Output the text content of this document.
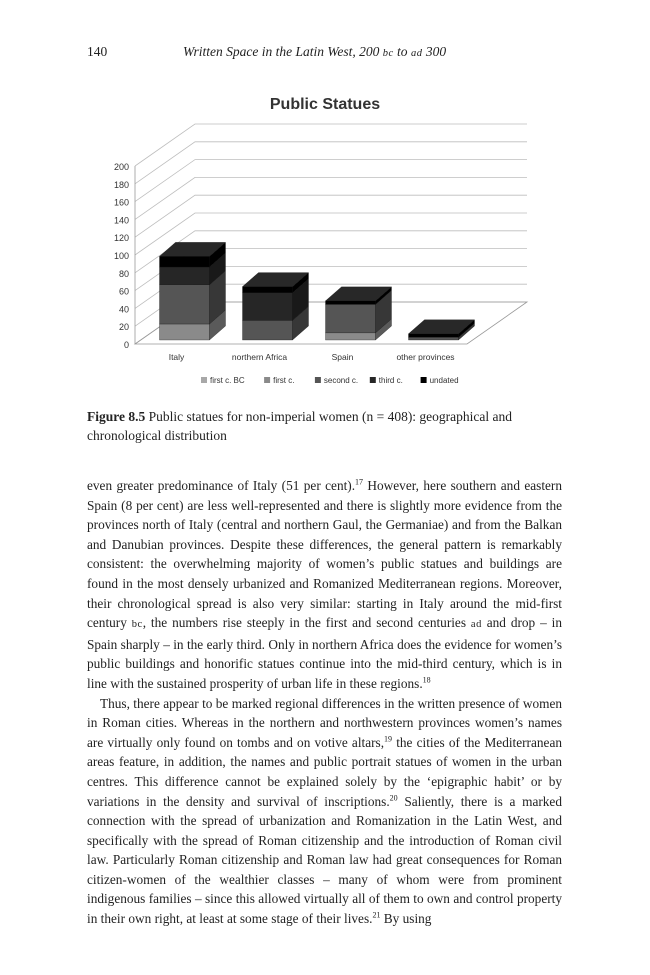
140	Written Space in the Latin West, 200 bc to ad 300
Public Statues
0
20
40
60
80
100
120
140
160
180
200
Italy	northern Africa	Spain	other provinces
first c. BC	first c.	second c.	third c.	undated
Figure 8.5 Public statues for non-imperial women (n = 408): geographical and chronological distribution

even greater predominance of Italy (51 per cent).$^{17}$ However, here southern and eastern Spain (8 per cent) are less well-represented and there is slightly more evidence from the provinces north of Italy (central and northern Gaul, the Germaniae) and from the Balkan and Danubian provinces. Despite these differences, the general pattern is remarkably consistent: the overwhelming majority of women’s public statues and buildings are found in the most densely urbanized and Romanized Mediterranean regions. Moreover, their chronological spread is also very similar: starting in Italy around the mid-first century bc, the numbers rise steeply in the first and second centuries ad and drop – in Spain sharply – in the early third. Only in northern Africa does the evidence for women’s public buildings and honorific statues continue into the mid-third century, which is in line with the sustained prosperity of urban life in these regions.$^{18}$

Thus, there appear to be marked regional differences in the written presence of women in Roman cities. Whereas in the northern and northwestern provinces women’s names are virtually only found on tombs and on votive altars,$^{19}$ the cities of the Mediterranean areas feature, in addition, the names and public portrait statues of women in the urban centres. This difference cannot be explained solely by the ‘epigraphic habit’ or by variations in the density and survival of inscriptions.$^{20}$ Saliently, there is a marked connection with the spread of urbanization and Romanization in the Latin West, and specifically with the spread of Roman citizenship and the introduction of Roman civil law. Particularly Roman citizenship and Roman law had great consequences for Roman citizen-women of the wealthier classes – many of whom were from prominent indigenous families – since this allowed virtually all of them to own and control property in their own right, at least at some stage of their lives.$^{21}$ By using
